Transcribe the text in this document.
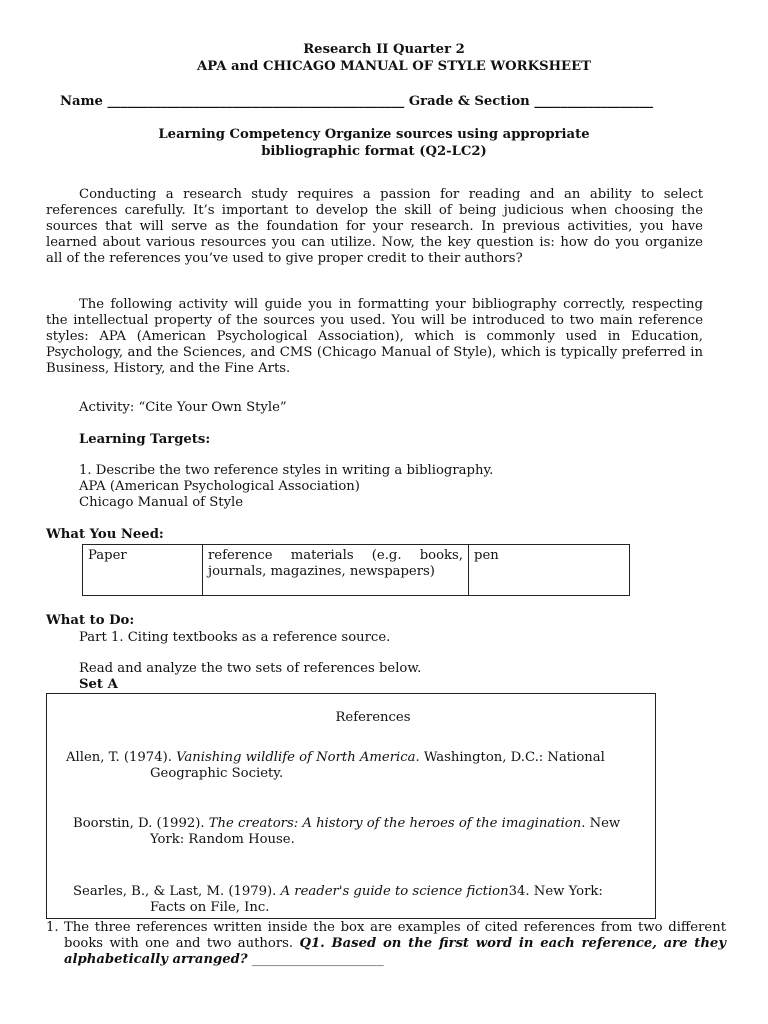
Research II Quarter 2
APA and CHICAGO MANUAL OF STYLE WORKSHEET
Name _____________________________________________ Grade & Section __________________
Learning Competency Organize sources using appropriate
bibliographic format (Q2-LC2)

Conducting a research study requires a passion for reading and an ability to select references carefully. It’s important to develop the skill of being judicious when choosing the sources that will serve as the foundation for your research. In previous activities, you have learned about various resources you can utilize. Now, the key question is: how do you organize all of the references you’ve used to give proper credit to their authors?

The following activity will guide you in formatting your bibliography correctly, respecting the intellectual property of the sources you used. You will be introduced to two main reference styles: APA (American Psychological Association), which is commonly used in Education, Psychology, and the Sciences, and CMS (Chicago Manual of Style), which is typically preferred in Business, History, and the Fine Arts.

Activity: “Cite Your Own Style”
Learning Targets:
1. Describe the two reference styles in writing a bibliography.
APA (American Psychological Association)
Chicago Manual of Style
What You Need:
Paper	reference materials (e.g. books, journals, magazines, newspapers)	pen
What to Do:
Part 1. Citing textbooks as a reference source.
Read and analyze the two sets of references below.
Set A
References
Allen, T. (1974). Vanishing wildlife of North America. Washington, D.C.: National
Geographic Society.
Boorstin, D. (1992). The creators: A history of the heroes of the imagination. New
York: Random House.
Searles, B., & Last, M. (1979). A reader's guide to science fiction34. New York:
Facts on File, Inc.
1. The three references written inside the box are examples of cited references from two different books with one and two authors. Q1. Based on the first word in each reference, are they alphabetically arranged? ____________________
